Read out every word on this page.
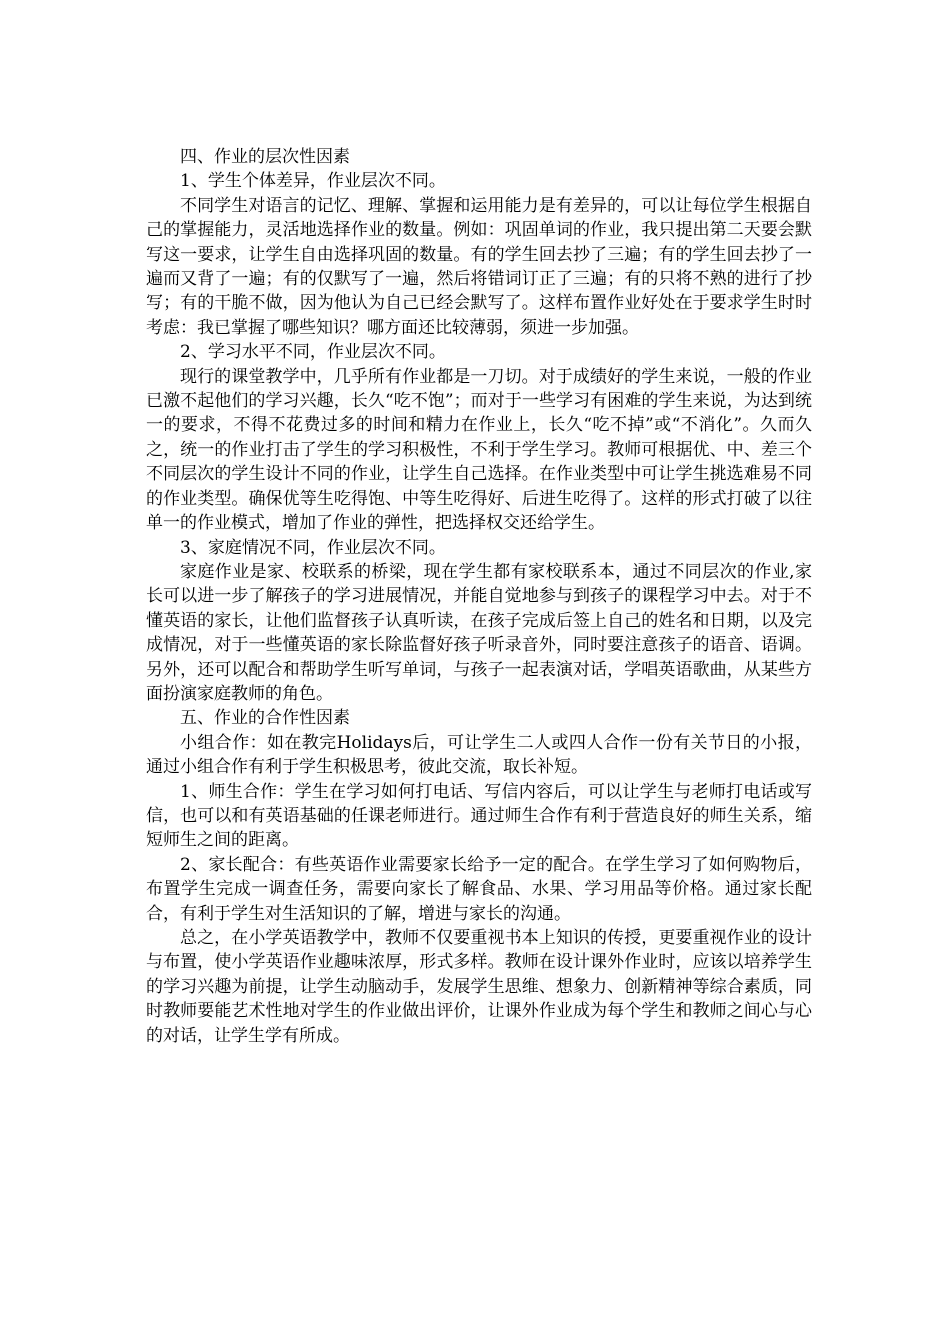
四、作业的层次性因素

1、学生个体差异，作业层次不同。

不同学生对语言的记忆、理解、掌握和运用能力是有差异的，可以让每位学生根据自己的掌握能力，灵活地选择作业的数量。例如：巩固单词的作业，我只提出第二天要会默写这一要求，让学生自由选择巩固的数量。有的学生回去抄了三遍；有的学生回去抄了一遍而又背了一遍；有的仅默写了一遍，然后将错词订正了三遍；有的只将不熟的进行了抄写；有的干脆不做，因为他认为自己已经会默写了。这样布置作业好处在于要求学生时时考虑：我已掌握了哪些知识？哪方面还比较薄弱，须进一步加强。

2、学习水平不同，作业层次不同。

现行的课堂教学中，几乎所有作业都是一刀切。对于成绩好的学生来说，一般的作业已激不起他们的学习兴趣，长久“吃不饱”；而对于一些学习有困难的学生来说，为达到统一的要求，不得不花费过多的时间和精力在作业上，长久“吃不掉”或“不消化”。久而久之，统一的作业打击了学生的学习积极性，不利于学生学习。教师可根据优、中、差三个不同层次的学生设计不同的作业，让学生自己选择。在作业类型中可让学生挑选难易不同的作业类型。确保优等生吃得饱、中等生吃得好、后进生吃得了。这样的形式打破了以往单一的作业模式，增加了作业的弹性，把选择权交还给学生。

3、家庭情况不同，作业层次不同。

家庭作业是家、校联系的桥梁，现在学生都有家校联系本，通过不同层次的作业,家长可以进一步了解孩子的学习进展情况，并能自觉地参与到孩子的课程学习中去。对于不懂英语的家长，让他们监督孩子认真听读，在孩子完成后签上自己的姓名和日期，以及完成情况，对于一些懂英语的家长除监督好孩子听录音外，同时要注意孩子的语音、语调。另外，还可以配合和帮助学生听写单词，与孩子一起表演对话，学唱英语歌曲，从某些方面扮演家庭教师的角色。

五、作业的合作性因素

小组合作：如在教完Holidays后，可让学生二人或四人合作一份有关节日的小报，通过小组合作有利于学生积极思考，彼此交流，取长补短。

1、师生合作：学生在学习如何打电话、写信内容后，可以让学生与老师打电话或写信，也可以和有英语基础的任课老师进行。通过师生合作有利于营造良好的师生关系，缩短师生之间的距离。

2、家长配合：有些英语作业需要家长给予一定的配合。在学生学习了如何购物后，布置学生完成一调查任务，需要向家长了解食品、水果、学习用品等价格。通过家长配合，有利于学生对生活知识的了解，增进与家长的沟通。

总之，在小学英语教学中，教师不仅要重视书本上知识的传授，更要重视作业的设计与布置，使小学英语作业趣味浓厚，形式多样。教师在设计课外作业时，应该以培养学生的学习兴趣为前提，让学生动脑动手，发展学生思维、想象力、创新精神等综合素质，同时教师要能艺术性地对学生的作业做出评价，让课外作业成为每个学生和教师之间心与心的对话，让学生学有所成。
